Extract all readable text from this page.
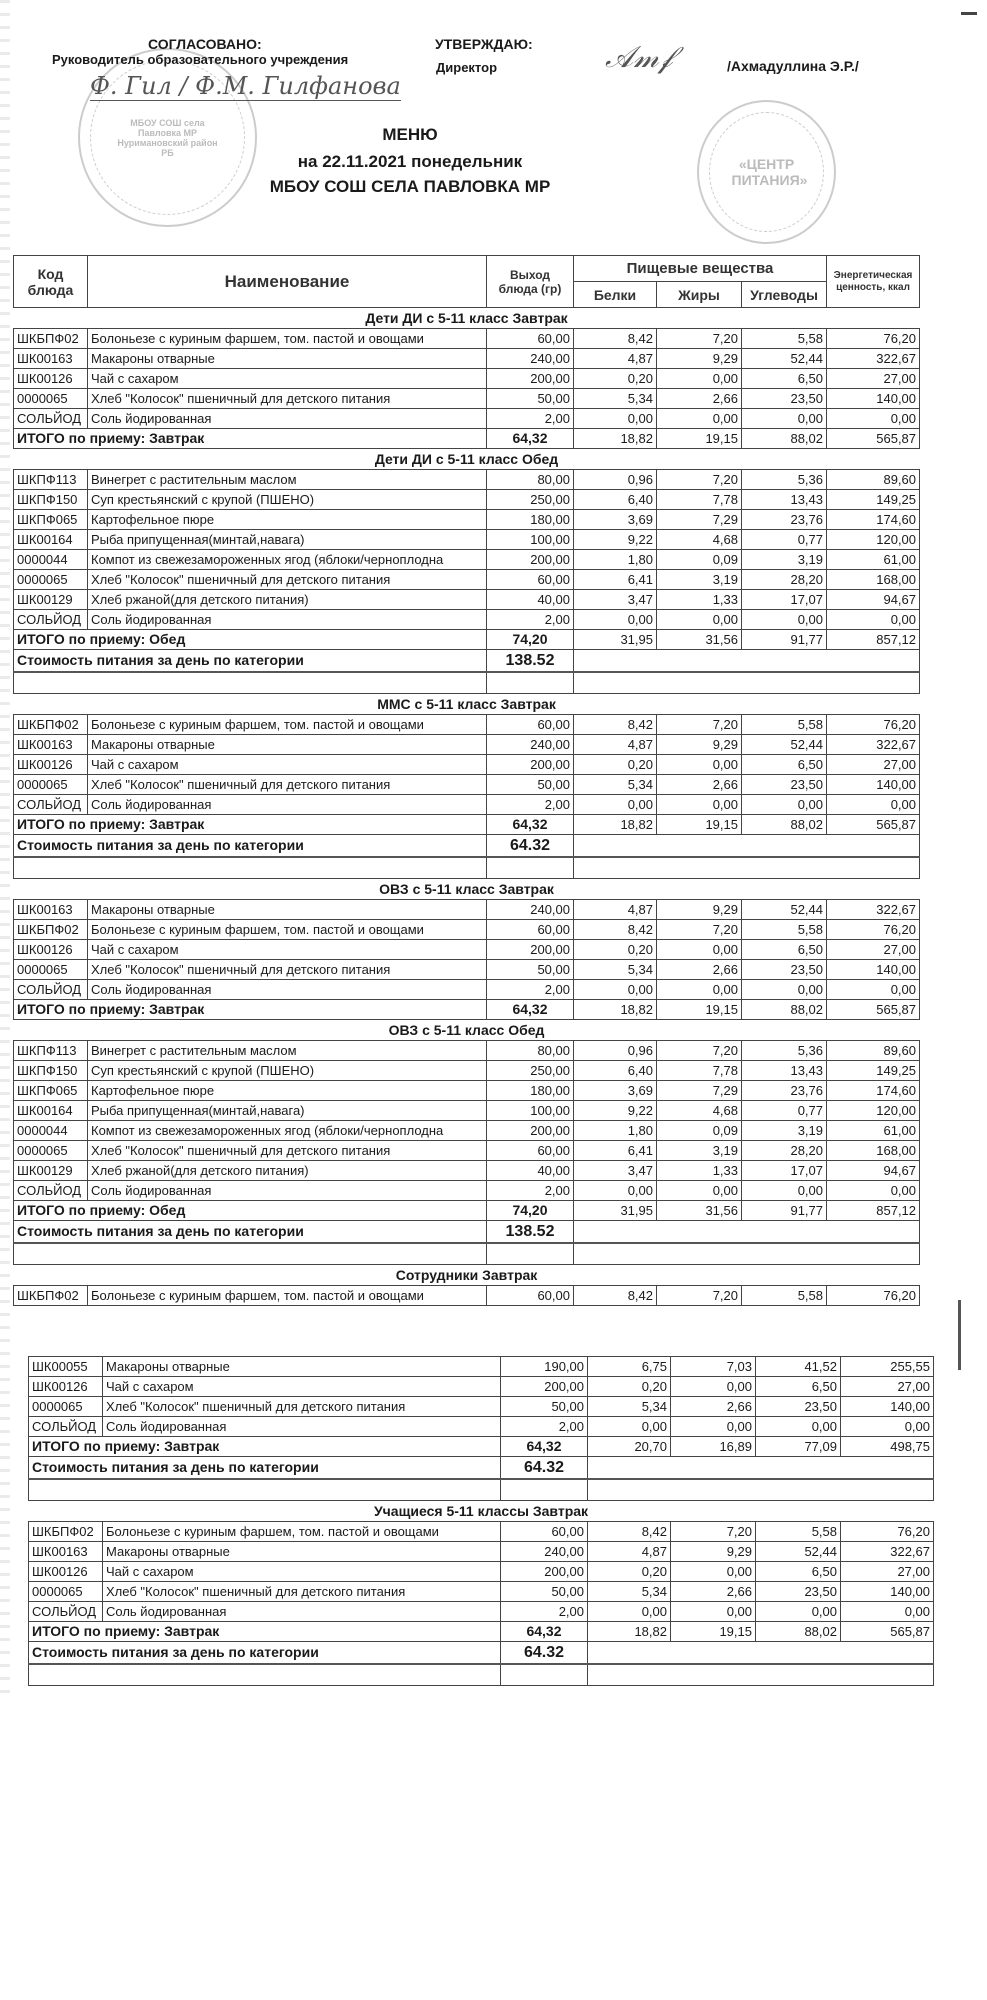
МБОУ СОШ села Павловка МР Нуримановский район РБ
СОГЛАСОВАНО:
Руководитель образовательного учреждения
Ф. Гил / Ф.М. Гилфанова
УТВЕРЖДАЮ:
Директор	𝒜𝓂𝒻	/Ахмадуллина Э.Р./
«ЦЕНТР ПИТАНИЯ»
МЕНЮ
на 22.11.2021 понедельник
МБОУ СОШ СЕЛА ПАВЛОВКА МР
Код блюда	Наименование	Выход блюда (гр)	Пищевые вещества			Энергетическая ценность, ккал
			Белки	Жиры	Углеводы	
Дети ДИ с 5-11 класс Завтрак						
ШКБПФ02	Болоньезе с куриным фаршем, том. пастой и овощами	60,00	8,42	7,20	5,58	76,20
ШК00163	Макароны отварные	240,00	4,87	9,29	52,44	322,67
ШК00126	Чай с сахаром	200,00	0,20	0,00	6,50	27,00
0000065	Хлеб "Колосок" пшеничный для детского питания	50,00	5,34	2,66	23,50	140,00
СОЛЬЙОД	Соль йодированная	2,00	0,00	0,00	0,00	0,00
ИТОГО по приему: Завтрак		64,32	18,82	19,15	88,02	565,87
Дети ДИ с 5-11 класс Обед						
ШКПФ113	Винегрет с растительным маслом	80,00	0,96	7,20	5,36	89,60
ШКПФ150	Суп крестьянский с крупой (ПШЕНО)	250,00	6,40	7,78	13,43	149,25
ШКПФ065	Картофельное пюре	180,00	3,69	7,29	23,76	174,60
ШК00164	Рыба припущенная(минтай,навага)	100,00	9,22	4,68	0,77	120,00
0000044	Компот из свежезамороженных ягод (яблоки/черноплодна	200,00	1,80	0,09	3,19	61,00
0000065	Хлеб "Колосок" пшеничный для детского питания	60,00	6,41	3,19	28,20	168,00
ШК00129	Хлеб ржаной(для детского питания)	40,00	3,47	1,33	17,07	94,67
СОЛЬЙОД	Соль йодированная	2,00	0,00	0,00	0,00	0,00
ИТОГО по приему: Обед		74,20	31,95	31,56	91,77	857,12
Стоимость питания за день по категории		138.52				

ММС с 5-11 класс Завтрак						
ШКБПФ02	Болоньезе с куриным фаршем, том. пастой и овощами	60,00	8,42	7,20	5,58	76,20
ШК00163	Макароны отварные	240,00	4,87	9,29	52,44	322,67
ШК00126	Чай с сахаром	200,00	0,20	0,00	6,50	27,00
0000065	Хлеб "Колосок" пшеничный для детского питания	50,00	5,34	2,66	23,50	140,00
СОЛЬЙОД	Соль йодированная	2,00	0,00	0,00	0,00	0,00
ИТОГО по приему: Завтрак		64,32	18,82	19,15	88,02	565,87
Стоимость питания за день по категории		64.32				

ОВЗ с 5-11 класс Завтрак						
ШК00163	Макароны отварные	240,00	4,87	9,29	52,44	322,67
ШКБПФ02	Болоньезе с куриным фаршем, том. пастой и овощами	60,00	8,42	7,20	5,58	76,20
ШК00126	Чай с сахаром	200,00	0,20	0,00	6,50	27,00
0000065	Хлеб "Колосок" пшеничный для детского питания	50,00	5,34	2,66	23,50	140,00
СОЛЬЙОД	Соль йодированная	2,00	0,00	0,00	0,00	0,00
ИТОГО по приему: Завтрак		64,32	18,82	19,15	88,02	565,87
ОВЗ с 5-11 класс Обед						
ШКПФ113	Винегрет с растительным маслом	80,00	0,96	7,20	5,36	89,60
ШКПФ150	Суп крестьянский с крупой (ПШЕНО)	250,00	6,40	7,78	13,43	149,25
ШКПФ065	Картофельное пюре	180,00	3,69	7,29	23,76	174,60
ШК00164	Рыба припущенная(минтай,навага)	100,00	9,22	4,68	0,77	120,00
0000044	Компот из свежезамороженных ягод (яблоки/черноплодна	200,00	1,80	0,09	3,19	61,00
0000065	Хлеб "Колосок" пшеничный для детского питания	60,00	6,41	3,19	28,20	168,00
ШК00129	Хлеб ржаной(для детского питания)	40,00	3,47	1,33	17,07	94,67
СОЛЬЙОД	Соль йодированная	2,00	0,00	0,00	0,00	0,00
ИТОГО по приему: Обед		74,20	31,95	31,56	91,77	857,12
Стоимость питания за день по категории		138.52				

Сотрудники Завтрак						
ШКБПФ02	Болоньезе с куриным фаршем, том. пастой и овощами	60,00	8,42	7,20	5,58	76,20
ШК00055	Макароны отварные	190,00	6,75	7,03	41,52	255,55
ШК00126	Чай с сахаром	200,00	0,20	0,00	6,50	27,00
0000065	Хлеб "Колосок" пшеничный для детского питания	50,00	5,34	2,66	23,50	140,00
СОЛЬЙОД	Соль йодированная	2,00	0,00	0,00	0,00	0,00
ИТОГО по приему: Завтрак		64,32	20,70	16,89	77,09	498,75
Стоимость питания за день по категории		64.32				

Учащиеся 5-11 классы Завтрак						
ШКБПФ02	Болоньезе с куриным фаршем, том. пастой и овощами	60,00	8,42	7,20	5,58	76,20
ШК00163	Макароны отварные	240,00	4,87	9,29	52,44	322,67
ШК00126	Чай с сахаром	200,00	0,20	0,00	6,50	27,00
0000065	Хлеб "Колосок" пшеничный для детского питания	50,00	5,34	2,66	23,50	140,00
СОЛЬЙОД	Соль йодированная	2,00	0,00	0,00	0,00	0,00
ИТОГО по приему: Завтрак		64,32	18,82	19,15	88,02	565,87
Стоимость питания за день по категории		64.32				
